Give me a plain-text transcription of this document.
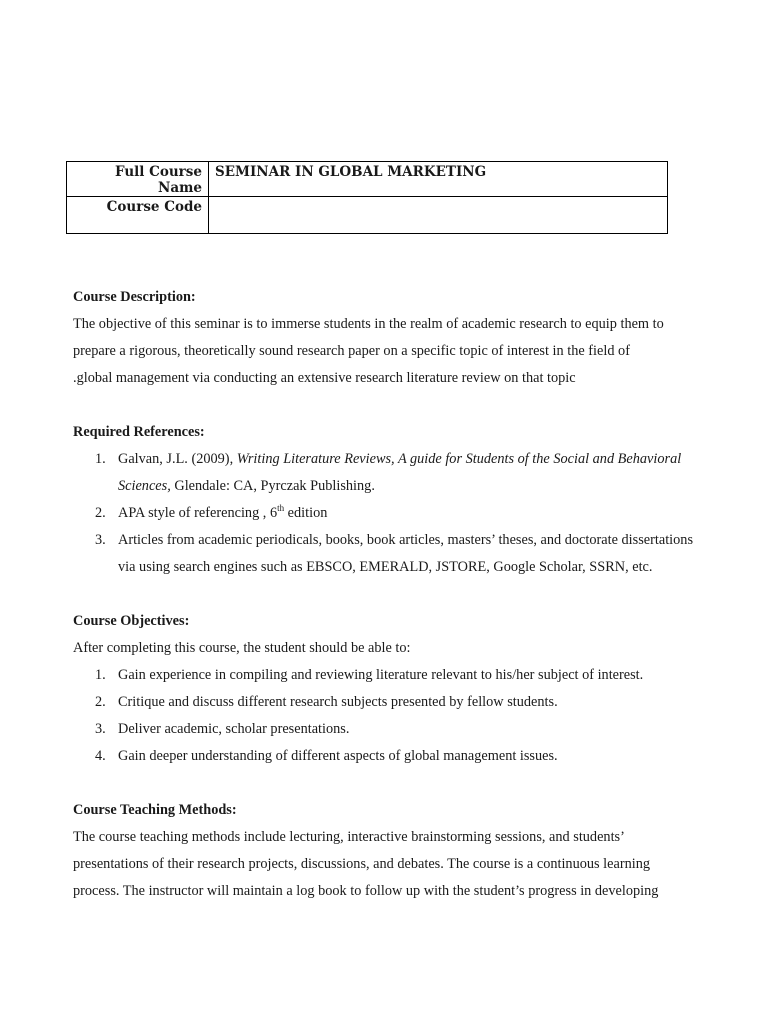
Full Course Name	SEMINAR IN GLOBAL MARKETING
Course Code	

Course Description:

The objective of this seminar is to immerse students in the realm of academic research to equip them to

prepare a rigorous, theoretically sound research paper on a specific topic of interest in the field of

.global management via conducting an extensive research literature review on that topic

Required References:

1. Galvan, J.L. (2009), Writing Literature Reviews, A guide for Students of the Social and Behavioral Sciences, Glendale: CA, Pyrczak Publishing.
2. APA style of referencing , 6th edition
3. Articles from academic periodicals, books, book articles, masters’ theses, and doctorate dissertations via using search engines such as EBSCO, EMERALD, JSTORE, Google Scholar, SSRN, etc.

Course Objectives:

After completing this course, the student should be able to:

1. Gain experience in compiling and reviewing literature relevant to his/her subject of interest.
2. Critique and discuss different research subjects presented by fellow students.
3. Deliver academic, scholar presentations.
4. Gain deeper understanding of different aspects of global management issues.

Course Teaching Methods:

The course teaching methods include lecturing, interactive brainstorming sessions, and students’

presentations of their research projects, discussions, and debates. The course is a continuous learning

process. The instructor will maintain a log book to follow up with the student’s progress in developing
